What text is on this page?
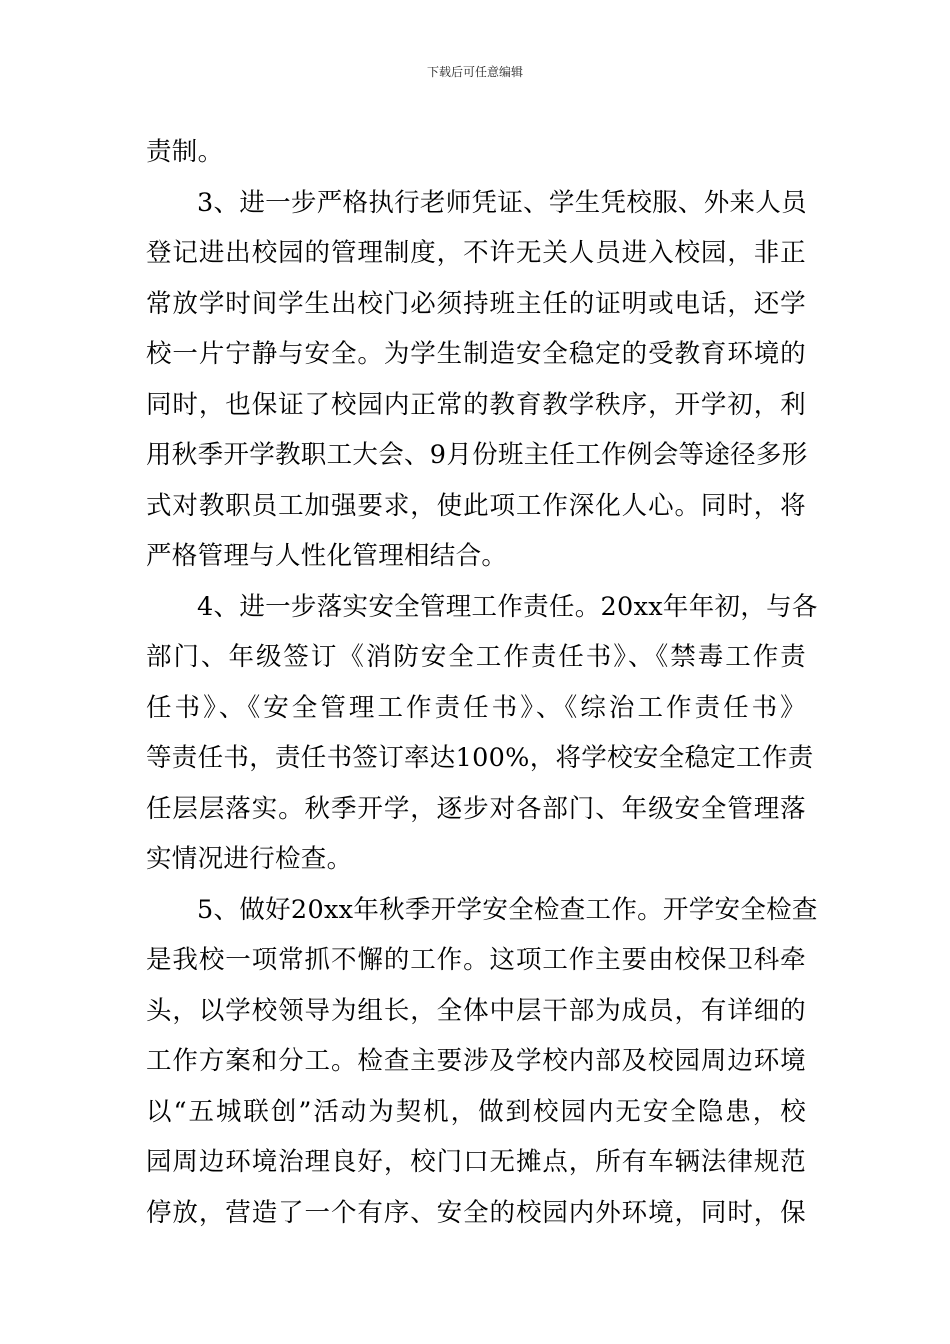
下载后可任意编辑
责制。
3、进一步严格执行老师凭证、学生凭校服、外来人员
登记进出校园的管理制度，不许无关人员进入校园，非正
常放学时间学生出校门必须持班主任的证明或电话，还学
校一片宁静与安全。为学生制造安全稳定的受教育环境的
同时，也保证了校园内正常的教育教学秩序，开学初，利
用秋季开学教职工大会、9月份班主任工作例会等途径多形
式对教职员工加强要求，使此项工作深化人心。同时，将
严格管理与人性化管理相结合。
4、进一步落实安全管理工作责任。20xx年年初，与各
部门、年级签订《消防安全工作责任书》、《禁毒工作责
任书》、《安全管理工作责任书》、《综治工作责任书》
等责任书，责任书签订率达100%，将学校安全稳定工作责
任层层落实。秋季开学，逐步对各部门、年级安全管理落
实情况进行检查。
5、做好20xx年秋季开学安全检查工作。开学安全检查
是我校一项常抓不懈的工作。这项工作主要由校保卫科牵
头，以学校领导为组长，全体中层干部为成员，有详细的
工作方案和分工。检查主要涉及学校内部及校园周边环境
以“五城联创”活动为契机，做到校园内无安全隐患，校
园周边环境治理良好，校门口无摊点，所有车辆法律规范
停放，营造了一个有序、安全的校园内外环境，同时，保
